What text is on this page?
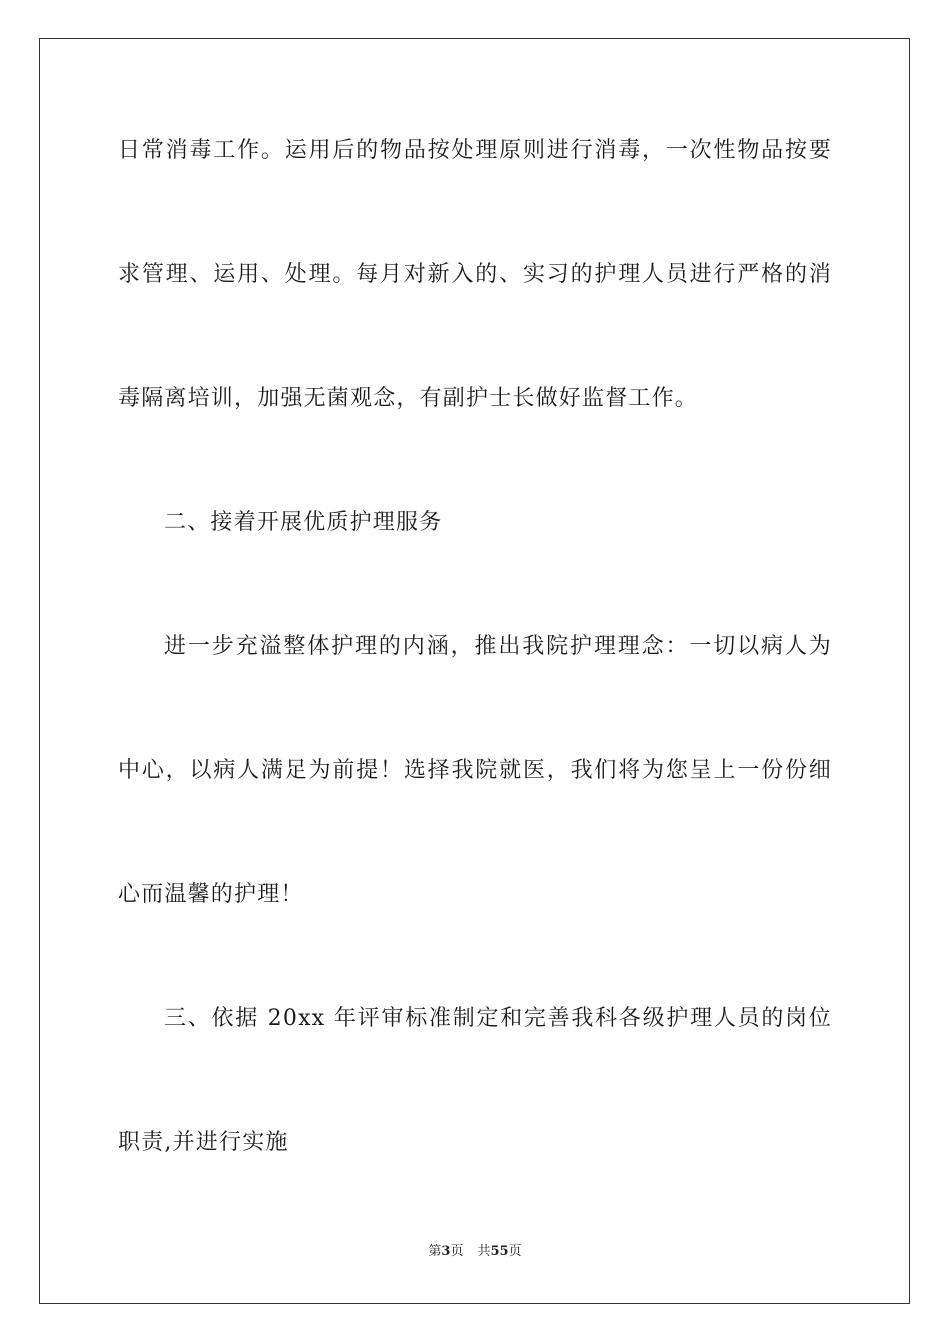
日常消毒工作。运用后的物品按处理原则进行消毒，一次性物品按要
求管理、运用、处理。每月对新入的、实习的护理人员进行严格的消
毒隔离培训，加强无菌观念，有副护士长做好监督工作。
二、接着开展优质护理服务
进一步充溢整体护理的内涵，推出我院护理理念：一切以病人为
中心，以病人满足为前提！选择我院就医，我们将为您呈上一份份细
心而温馨的护理！
三、依据 20xx 年评审标准制定和完善我科各级护理人员的岗位
职责,并进行实施
第3页 共55页
